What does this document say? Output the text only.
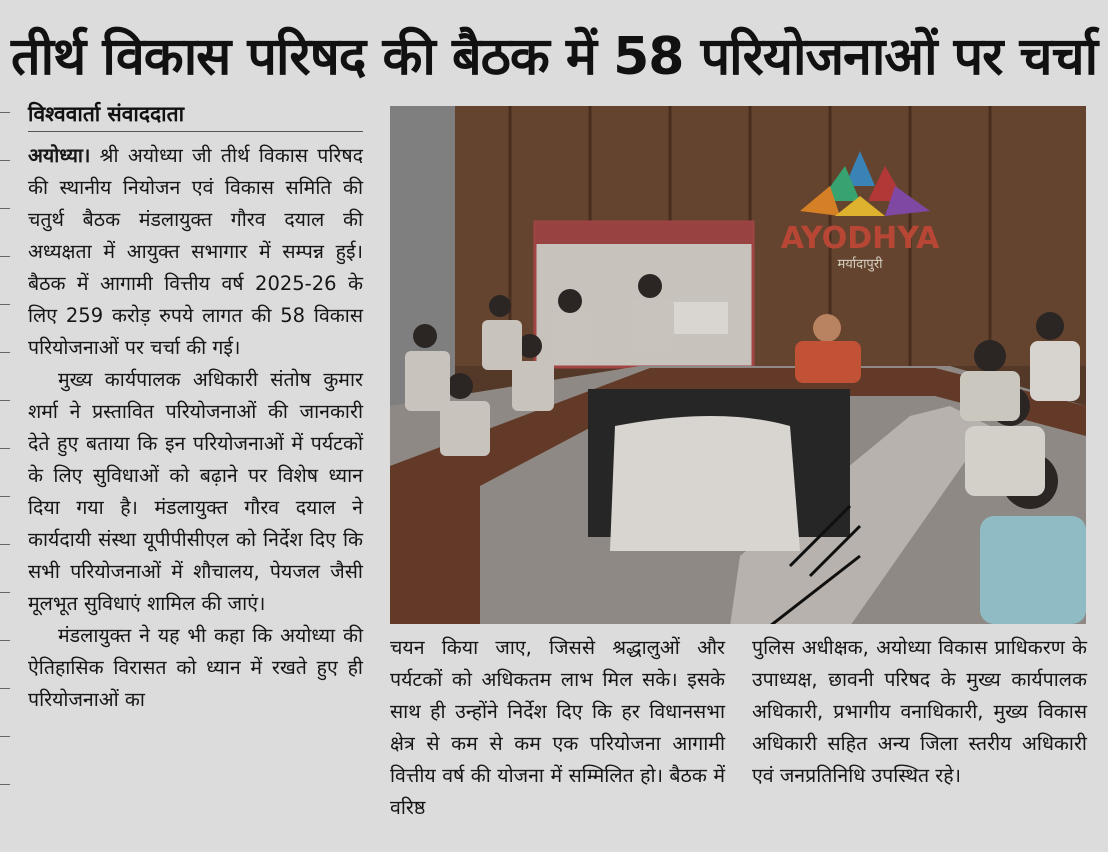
तीर्थ विकास परिषद की बैठक में 58 परियोजनाओं पर चर्चा
विश्ववार्ता संवाददाता

अयोध्या। श्री अयोध्या जी तीर्थ विकास परिषद की स्थानीय नियोजन एवं विकास समिति की चतुर्थ बैठक मंडलायुक्त गौरव दयाल की अध्यक्षता में आयुक्त सभागार में सम्पन्न हुई। बैठक में आगामी वित्तीय वर्ष 2025-26 के लिए 259 करोड़ रुपये लागत की 58 विकास परियोजनाओं पर चर्चा की गई।

मुख्य कार्यपालक अधिकारी संतोष कुमार शर्मा ने प्रस्तावित परियोजनाओं की जानकारी देते हुए बताया कि इन परियोजनाओं में पर्यटकों के लिए सुविधाओं को बढ़ाने पर विशेष ध्यान दिया गया है। मंडलायुक्त गौरव दयाल ने कार्यदायी संस्था यूपीपीसीएल को निर्देश दिए कि सभी परियोजनाओं में शौचालय, पेयजल जैसी मूलभूत सुविधाएं शामिल की जाएं।

मंडलायुक्त ने यह भी कहा कि अयोध्या की ऐतिहासिक विरासत को ध्यान में रखते हुए ही परियोजनाओं का

AYODHYA
मर्यादापुरी

चयन किया जाए, जिससे श्रद्धालुओं और पर्यटकों को अधिकतम लाभ मिल सके। इसके साथ ही उन्होंने निर्देश दिए कि हर विधानसभा क्षेत्र से कम से कम एक परियोजना आगामी वित्तीय वर्ष की योजना में सम्मिलित हो। बैठक में वरिष्ठ

पुलिस अधीक्षक, अयोध्या विकास प्राधिकरण के उपाध्यक्ष, छावनी परिषद के मुख्य कार्यपालक अधिकारी, प्रभागीय वनाधिकारी, मुख्य विकास अधिकारी सहित अन्य जिला स्तरीय अधिकारी एवं जनप्रतिनिधि उपस्थित रहे।
